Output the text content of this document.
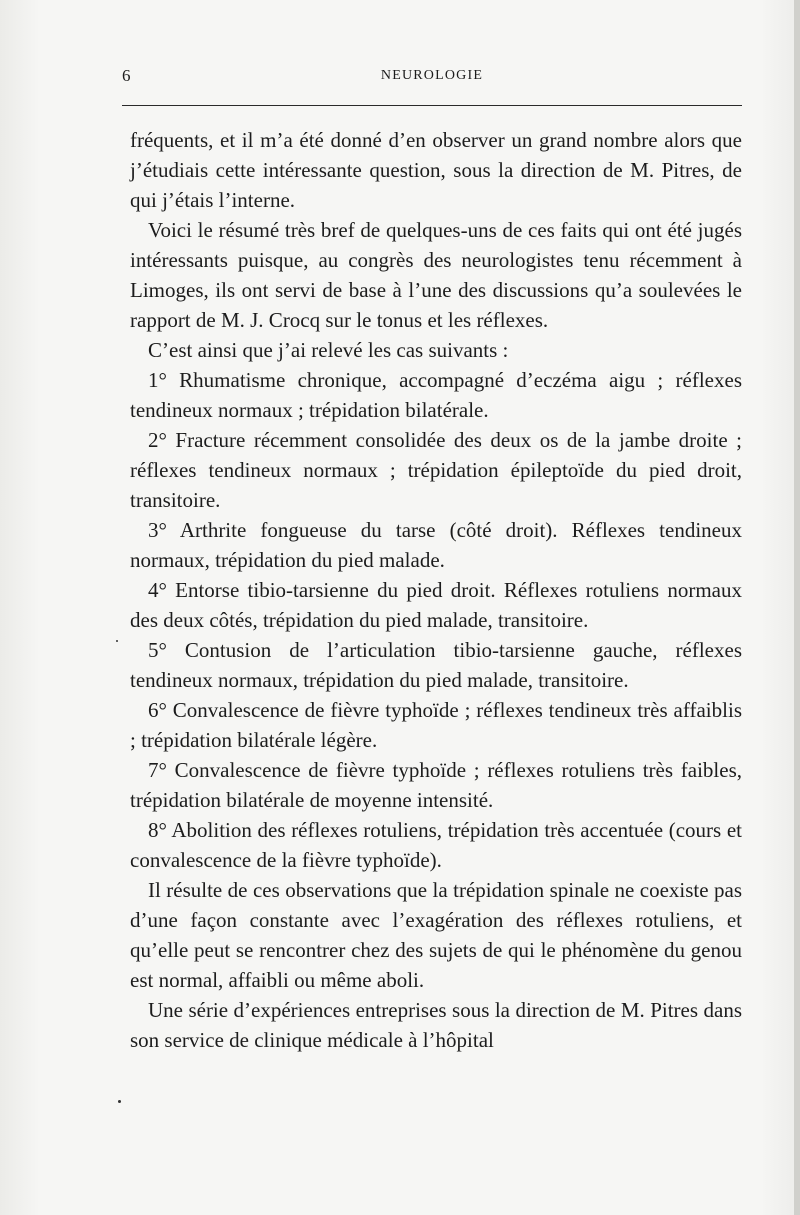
6	NEUROLOGIE

fréquents, et il m’a été donné d’en observer un grand nombre alors que j’étudiais cette intéressante question, sous la direction de M. Pitres, de qui j’étais l’interne.

Voici le résumé très bref de quelques-uns de ces faits qui ont été jugés intéressants puisque, au congrès des neurologistes tenu récemment à Limoges, ils ont servi de base à l’une des discussions qu’a soulevées le rapport de M. J. Crocq sur le tonus et les réflexes.

C’est ainsi que j’ai relevé les cas suivants :

1° Rhumatisme chronique, accompagné d’eczéma aigu ; réflexes tendineux normaux ; trépidation bilatérale.

2° Fracture récemment consolidée des deux os de la jambe droite ; réflexes tendineux normaux ; trépidation épileptoïde du pied droit, transitoire.

3° Arthrite fongueuse du tarse (côté droit). Réflexes tendineux normaux, trépidation du pied malade.

4° Entorse tibio-tarsienne du pied droit. Réflexes rotuliens normaux des deux côtés, trépidation du pied malade, transitoire.

5° Contusion de l’articulation tibio-tarsienne gauche, réflexes tendineux normaux, trépidation du pied malade, transitoire.

6° Convalescence de fièvre typhoïde ; réflexes tendineux très affaiblis ; trépidation bilatérale légère.

7° Convalescence de fièvre typhoïde ; réflexes rotuliens très faibles, trépidation bilatérale de moyenne intensité.

8° Abolition des réflexes rotuliens, trépidation très accentuée (cours et convalescence de la fièvre typhoïde).

Il résulte de ces observations que la trépidation spinale ne coexiste pas d’une façon constante avec l’exagération des réflexes rotuliens, et qu’elle peut se rencontrer chez des sujets de qui le phénomène du genou est normal, affaibli ou même aboli.

Une série d’expériences entreprises sous la direction de M. Pitres dans son service de clinique médicale à l’hôpital
